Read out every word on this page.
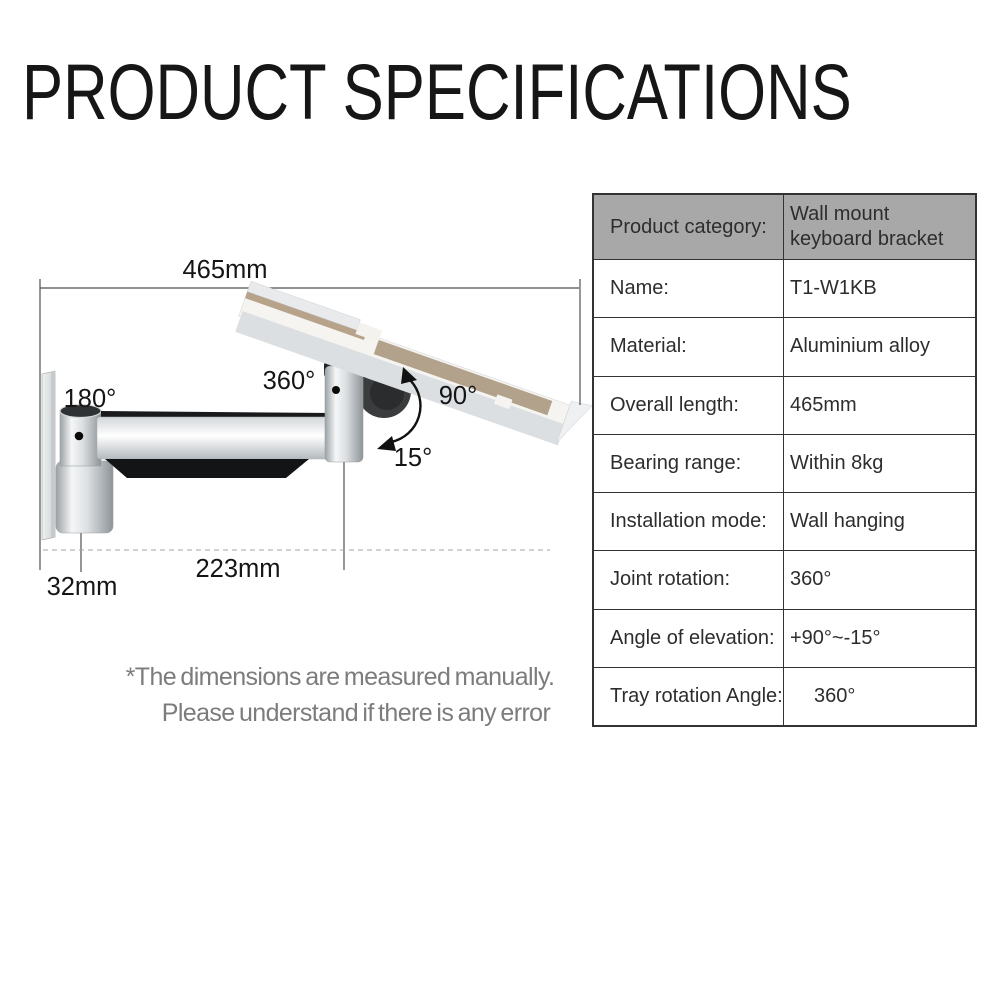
PRODUCT SPECIFICATIONS
465mm
180°
360°
90°
15°
223mm
32mm
Product category:
Wall mount keyboard bracket
Name:	T1-W1KB
Material:	Aluminium alloy
Overall length:	465mm
Bearing range:	Within 8kg
Installation mode:	Wall hanging
Joint rotation:	360°
Angle of elevation: +90°~-15°
Tray rotation Angle:	360°
*The dimensions are measured manually.
Please understand if there is any error
